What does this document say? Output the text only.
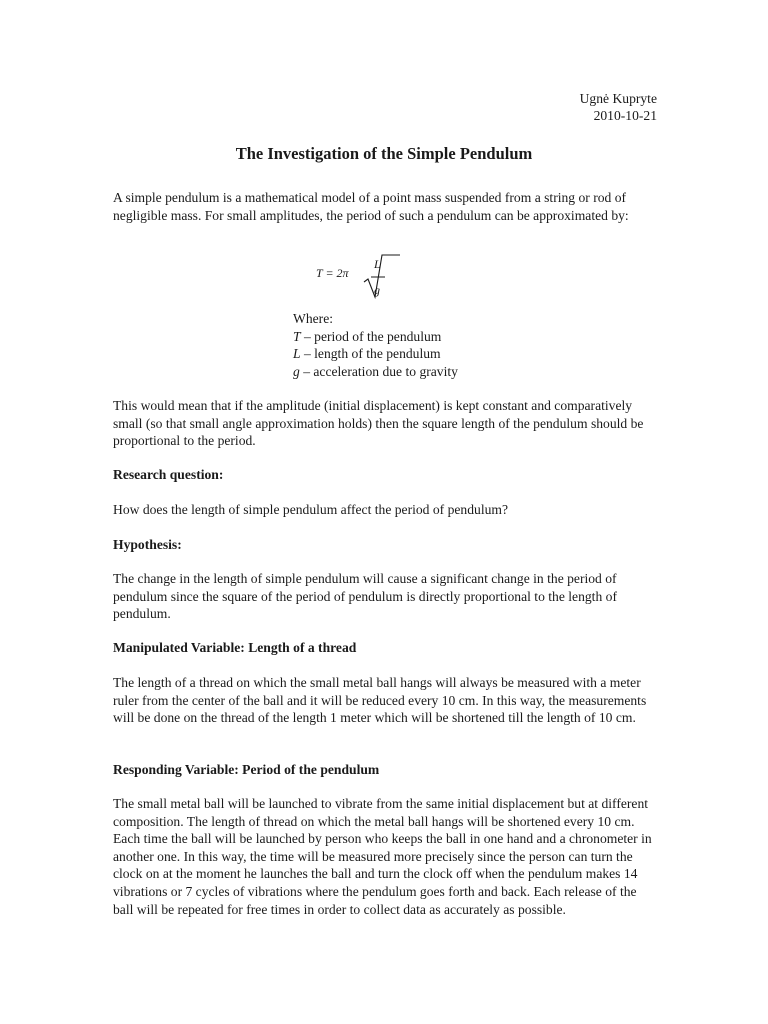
Ugnė Kupryte
2010-10-21
The Investigation of the Simple Pendulum

A simple pendulum is a mathematical model of a point mass suspended from a string or rod of negligible mass. For small amplitudes, the period of such a pendulum can be approximated by:

T = 2π
L
g
Where:
T – period of the pendulum
L – length of the pendulum
g – acceleration due to gravity

This would mean that if the amplitude (initial displacement) is kept constant and comparatively small (so that small angle approximation holds) then the square length of the pendulum should be proportional to the period.

Research question:

How does the length of simple pendulum affect the period of pendulum?

Hypothesis:

The change in the length of simple pendulum will cause a significant change in the period of pendulum since the square of the period of pendulum is directly proportional to the length of pendulum.

Manipulated Variable: Length of a thread

The length of a thread on which the small metal ball hangs will always be measured with a meter ruler from the center of the ball and it will be reduced every 10 cm. In this way, the measurements will be done on the thread of the length 1 meter which will be shortened till the length of 10 cm.

Responding Variable: Period of the pendulum

The small metal ball will be launched to vibrate from the same initial displacement but at different composition. The length of thread on which the metal ball hangs will be shortened every 10 cm. Each time the ball will be launched by person who keeps the ball in one hand and a chronometer in another one. In this way, the time will be measured more precisely since the person can turn the clock on at the moment he launches the ball and turn the clock off when the pendulum makes 14 vibrations or 7 cycles of vibrations where the pendulum goes forth and back. Each release of the ball will be repeated for free times in order to collect data as accurately as possible.
